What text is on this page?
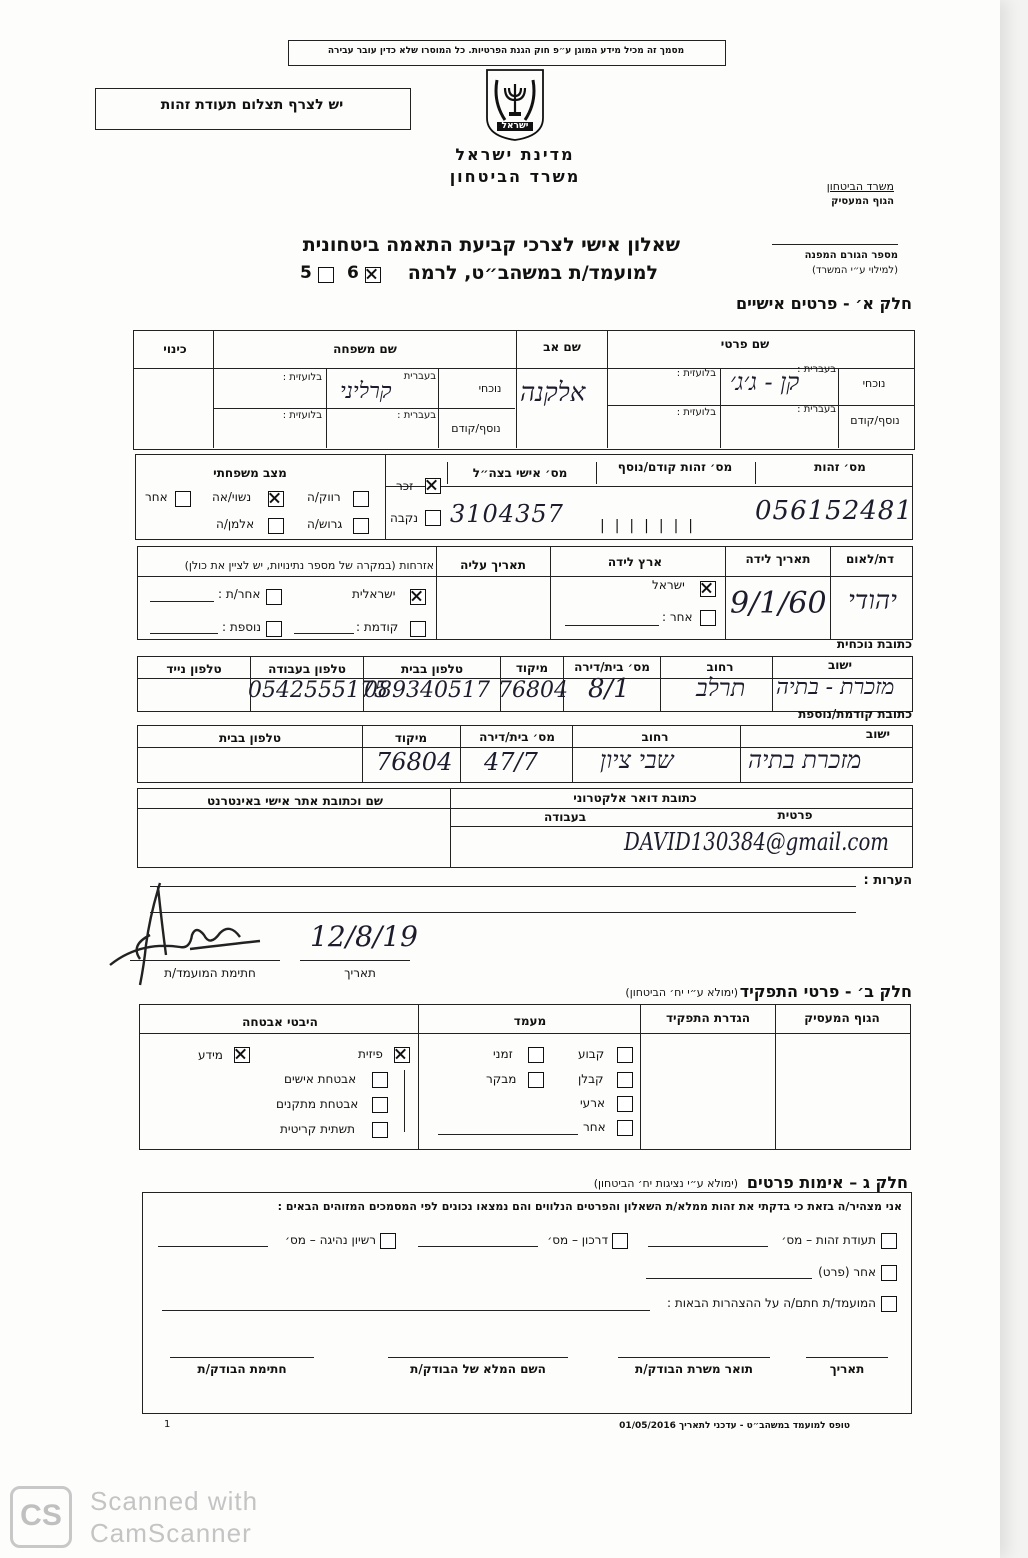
מסמך זה מכיל מידע המוגן ע״פ חוק הגנת הפרטיות. כל המוסרו שלא כדין עובר עבירה
יש לצרף תצלום תעודת זהות
ישראל
מדינת ישראל
משרד הביטחון
משרד הביטחון
הגוף המעסיק
מספר הגורם המפנה
(למילוי ע״י המשרד)
שאלון אישי לצרכי קביעת התאמה ביטחונית
למועמד/ת במשהב״ט, לרמה
6
5
חלק א׳ - פרטים אישיים
שם פרטי
שם אב
שם משפחה
כינוי
נוכחי
נוסף/קודם
בעברית :
בלועזית :
בעברית :
בלועזית :
נוכחי
נוסף/קודם
בעברית
בעברית :
בלועזית :
בלועזית :
קן - ג׳ג׳
אלקנה
קרליני
מס׳ זהות
מס׳ זהות קודם/נוסף
מס׳ אישי בצה״ל
מצב משפחתי
זכר
נקבה
רווק/ה
נשוי/אה
אחר
גרוש/ה
אלמן/ה	056152481
|||||||
3104357
דת/לאום
תאריך לידה
ארץ לידה
תאריך עליה
אזרחות (במקרה של מספר נתינויות, יש לציין את כולן)
ישראל
אחר :
ישראלית
אחר/ת :
קודמת :
נוספת :
יהודי
9/1/60
כתובת נוכחית
ישוב
רחוב
מס׳ בית/דירה
מיקוד
טלפון בבית
טלפון בעבודה
טלפון נייד
מזכרת - בתיה
תרלב
8/1
76804
089340517
0542555175
כתובת קודמת/נוספת
ישוב
רחוב
מס׳ בית/דירה
מיקוד
טלפון בבית
מזכרת בתיה
שבי ציון
47/7
76804
כתובת דואר אלקטרוני
שם וכתובת אתר אישי באינטרנט
פרטית
בעבודה
DAVID130384@gmail.com
הערות :
12/8/19
תאריך
חתימת המועמד/ת
חלק ב׳ - פרטי התפקיד
(ימולא ע״י יח׳ הביטחון)
הגוף המעסיק
הגדרת התפקיד
מעמד
היבטי אבטחה
קבוע
זמני
קבלן
מבקר
ארעי
אחר
פיזית
מידע
אבטחת אישים
אבטחת מתקנים
תשתית קריטית
חלק ג – אימות פרטים
(ימולא ע״י נציגות יח׳ הביטחון)
אני מצהיר/ה בזאת כי בדקתי את זהות ממלא/ת השאלון והפרטים הנלווים והם נמצאו נכונים לפי המסמכים המזוהים הבאים :
תעודת זהות – מס׳
דרכון – מס׳
רשיון נהיגה – מס׳
אחר (פרט)
המועמד/ת חתם/ה על ההצהרות הבאות :
תאריך
תואר משרת הבודק/ת
השם המלא של הבודק/ת
חתימת הבודק/ת
1	טופס למועמד במשהב״ט - עדכני לתאריך 01/05/2016
CS Scanned with
CamScanner
